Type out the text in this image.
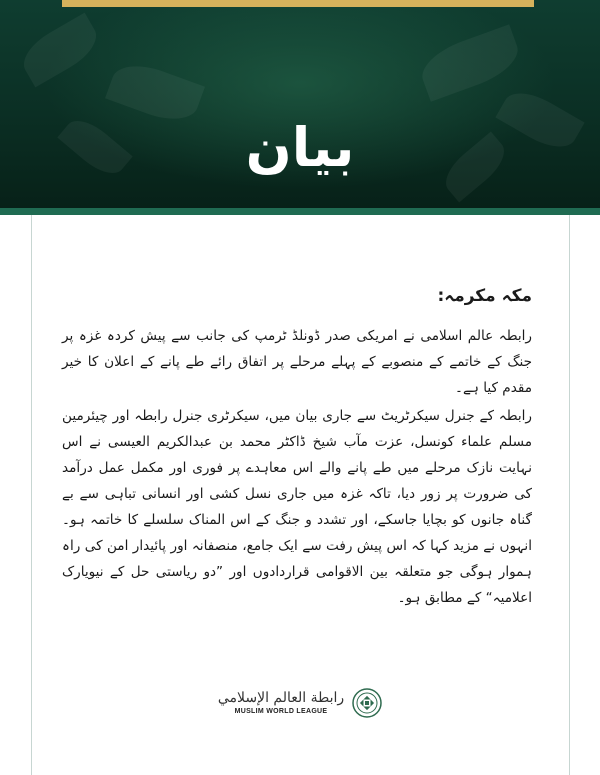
بیان
مکہ مکرمہ:

رابطہ عالم اسلامی نے امریکی صدر ڈونلڈ ٹرمپ کی جانب سے پیش کردہ غزہ پر جنگ کے خاتمے کے منصوبے کے پہلے مرحلے پر اتفاق رائے طے پانے کے اعلان کا خیر مقدم کیا ہے۔

رابطہ کے جنرل سیکرٹریٹ سے جاری بیان میں، سیکرٹری جنرل رابطہ اور چیئرمین مسلم علماء کونسل، عزت مآب شیخ ڈاکٹر محمد بن عبدالکریم العیسی نے اس نہایت نازک مرحلے میں طے پانے والے اس معاہدے پر فوری اور مکمل عمل درآمد کی ضرورت پر زور دیا، تاکہ غزہ میں جاری نسل کشی اور انسانی تباہی سے بے گناہ جانوں کو بچایا جاسکے، اور تشدد و جنگ کے اس المناک سلسلے کا خاتمہ ہو۔ انہوں نے مزید کہا کہ اس پیش رفت سے ایک جامع، منصفانہ اور پائیدار امن کی راہ ہموار ہوگی جو متعلقہ بین الاقوامی قراردادوں اور ”دو ریاستی حل کے نیویارک اعلامیہ“ کے مطابق ہو۔

رابطة العالم الإسلامي
MUSLIM WORLD LEAGUE
